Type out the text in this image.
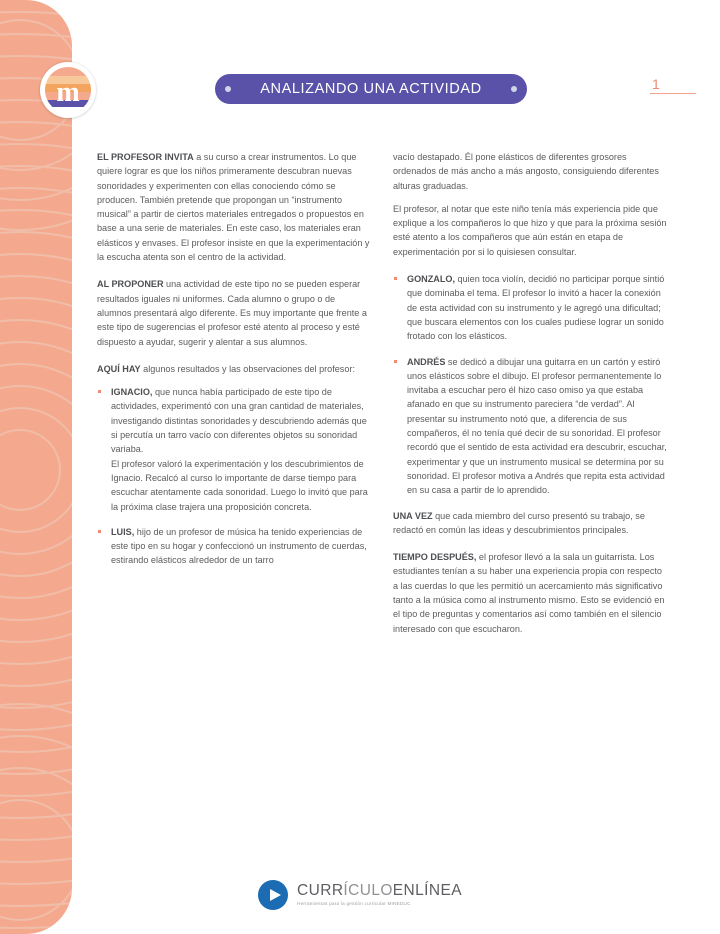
m	ANALIZANDO UNA ACTIVIDAD	1

EL PROFESOR INVITA a su curso a crear instrumentos. Lo que quiere lograr es que los niños primeramente descubran nuevas sonoridades y experimenten con ellas conociendo cómo se producen. También pretende que propongan un “instrumento musical” a partir de ciertos materiales entregados o propuestos en base a una serie de materiales. En este caso, los materiales eran elásticos y envases. El profesor insiste en que la experimentación y la escucha atenta son el centro de la actividad.

AL PROPONER una actividad de este tipo no se pueden esperar resultados iguales ni uniformes. Cada alumno o grupo o de alumnos presentará algo diferente. Es muy importante que frente a este tipo de sugerencias el profesor esté atento al proceso y esté dispuesto a ayudar, sugerir y alentar a sus alumnos.

AQUÍ HAY algunos resultados y las observaciones del profesor:

IGNACIO, que nunca había participado de este tipo de actividades, experimentó con una gran cantidad de materiales, investigando distintas sonoridades y descubriendo además que si percutía un tarro vacío con diferentes objetos su sonoridad variaba.
El profesor valoró la experimentación y los descubrimientos de Ignacio. Recalcó al curso lo importante de darse tiempo para escuchar atentamente cada sonoridad. Luego lo invitó que para la próxima clase trajera una proposición concreta.
LUIS, hijo de un profesor de música ha tenido experiencias de este tipo en su hogar y confeccionó un instrumento de cuerdas, estirando elásticos alrededor de un tarro

vacío destapado. Él pone elásticos de diferentes grosores ordenados de más ancho a más angosto, consiguiendo diferentes alturas graduadas.

El profesor, al notar que este niño tenía más experiencia pide que explique a los compañeros lo que hizo y que para la próxima sesión esté atento a los compañeros que aún están en etapa de experimentación por si lo quisiesen consultar.

GONZALO, quien toca violín, decidió no participar porque sintió que dominaba el tema. El profesor lo invitó a hacer la conexión de esta actividad con su instrumento y le agregó una dificultad; que buscara elementos con los cuales pudiese lograr un sonido frotado con los elásticos.
ANDRÉS se dedicó a dibujar una guitarra en un cartón y estiró unos elásticos sobre el dibujo. El profesor permanentemente lo invitaba a escuchar pero él hizo caso omiso ya que estaba afanado en que su instrumento pareciera “de verdad”. Al presentar su instrumento notó que, a diferencia de sus compañeros, él no tenía qué decir de su sonoridad. El profesor recordó que el sentido de esta actividad era descubrir, escuchar, experimentar y que un instrumento musical se determina por su sonoridad. El profesor motiva a Andrés que repita esta actividad en su casa a partir de lo aprendido.

UNA VEZ que cada miembro del curso presentó su trabajo, se redactó en común las ideas y descubrimientos principales.

TIEMPO DESPUÉS, el profesor llevó a la sala un guitarrista. Los estudiantes tenían a su haber una experiencia propia con respecto a las cuerdas lo que les permitió un acercamiento más significativo tanto a la música como al instrumento mismo. Esto se evidenció en el tipo de preguntas y comentarios así como también en el silencio interesado con que escucharon.

CURRÍCULOENLÍNEA
Herramientas para la gestión curricular MINEDUC
